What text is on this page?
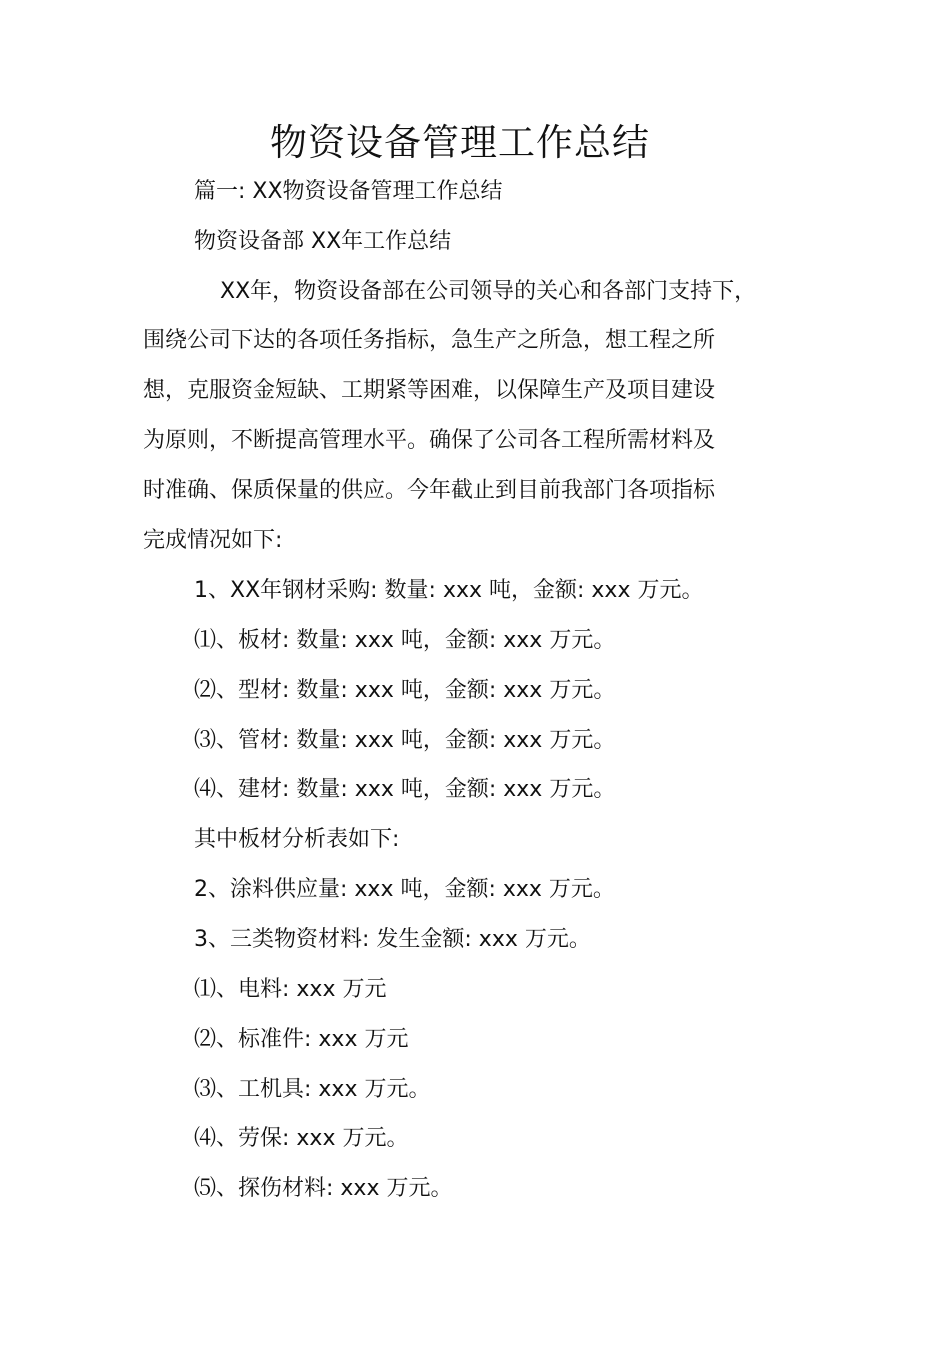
物资设备管理工作总结
篇一: XX物资设备管理工作总结
物资设备部 XX年工作总结
XX年，物资设备部在公司领导的关心和各部门支持下，
围绕公司下达的各项任务指标，急生产之所急，想工程之所
想，克服资金短缺、工期紧等困难，以保障生产及项目建设
为原则，不断提高管理水平。确保了公司各工程所需材料及
时准确、保质保量的供应。今年截止到目前我部门各项指标
完成情况如下:
1、XX年钢材采购: 数量: xxx 吨，金额: xxx 万元。
⑴、板材: 数量: xxx 吨，金额: xxx 万元。
⑵、型材: 数量: xxx 吨，金额: xxx 万元。
⑶、管材: 数量: xxx 吨，金额: xxx 万元。
⑷、建材: 数量: xxx 吨，金额: xxx 万元。
其中板材分析表如下:
2、涂料供应量: xxx 吨，金额: xxx 万元。
3、三类物资材料: 发生金额: xxx 万元。
⑴、电料: xxx 万元
⑵、标准件: xxx 万元
⑶、工机具: xxx 万元。
⑷、劳保: xxx 万元。
⑸、探伤材料: xxx 万元。
